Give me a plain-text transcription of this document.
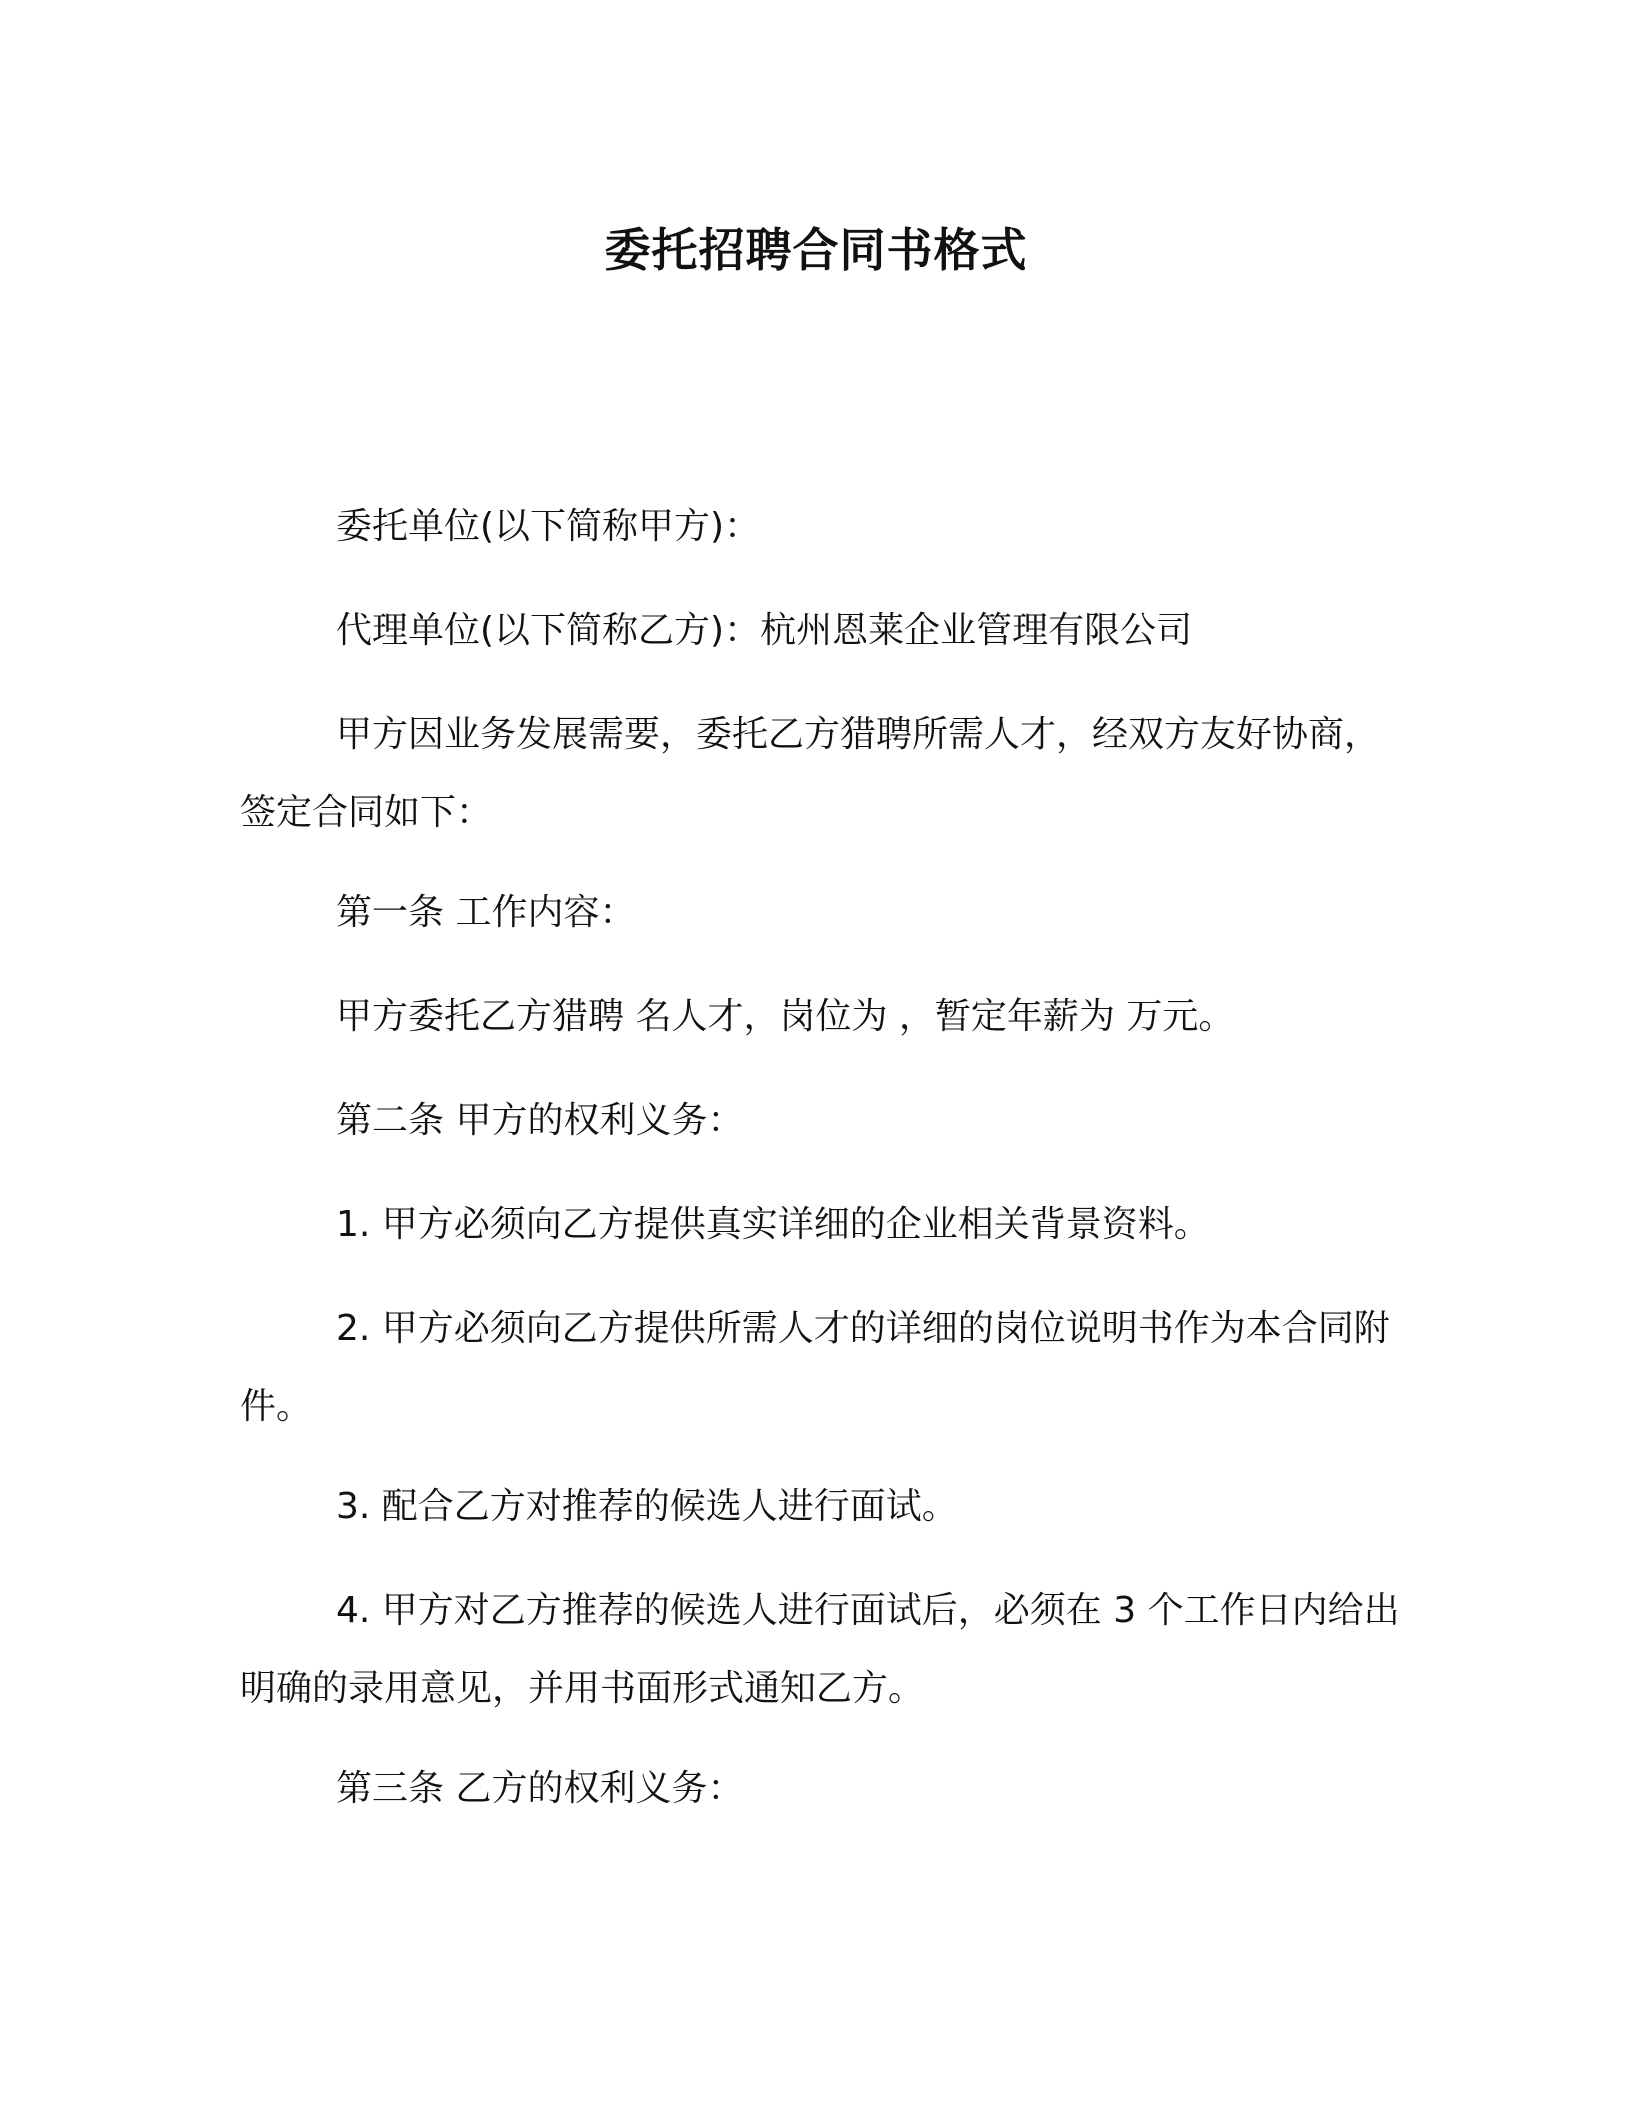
委托招聘合同书格式

委托单位(以下简称甲方)：

代理单位(以下简称乙方)：杭州恩莱企业管理有限公司

甲方因业务发展需要，委托乙方猎聘所需人才，经双方友好协商，签定合同如下：

第一条 工作内容：

甲方委托乙方猎聘 名人才，岗位为 ，暂定年薪为 万元。

第二条 甲方的权利义务：

1. 甲方必须向乙方提供真实详细的企业相关背景资料。

2. 甲方必须向乙方提供所需人才的详细的岗位说明书作为本合同附件。

3. 配合乙方对推荐的候选人进行面试。

4. 甲方对乙方推荐的候选人进行面试后，必须在 3 个工作日内给出明确的录用意见，并用书面形式通知乙方。

第三条 乙方的权利义务：
